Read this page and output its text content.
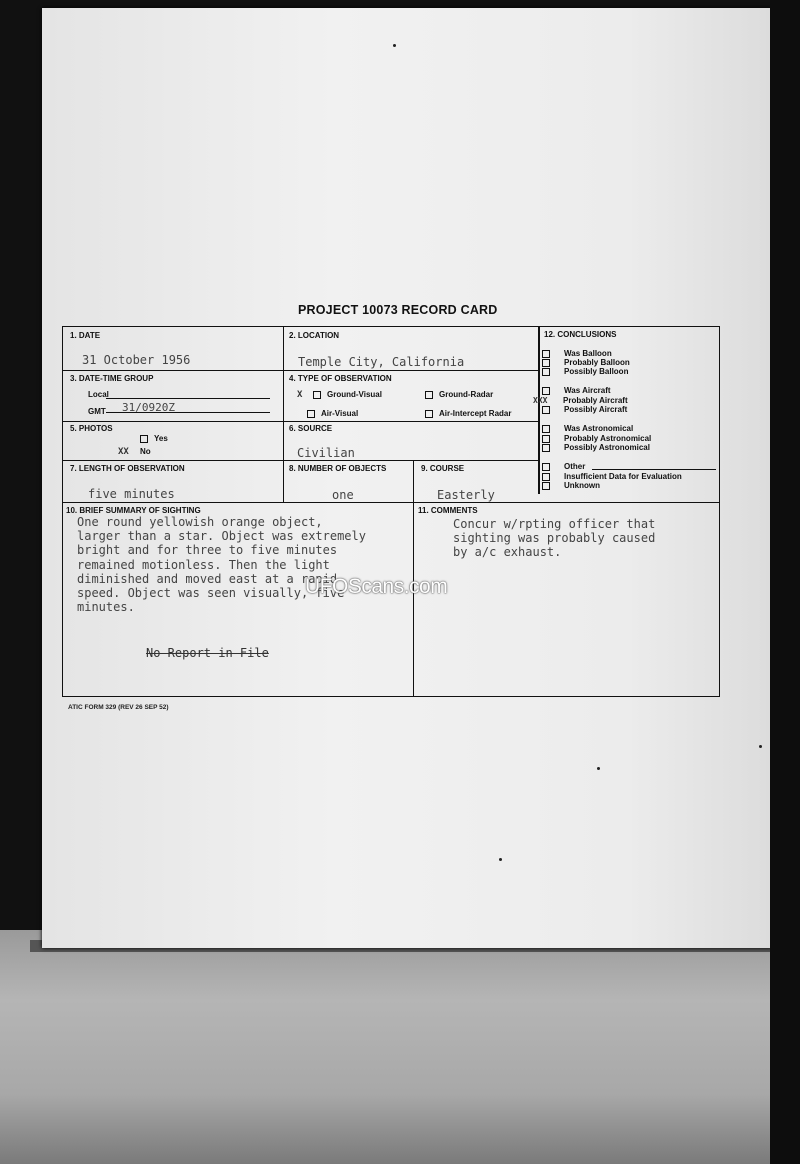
PROJECT 10073 RECORD CARD
1. DATE
31 October 1956
2. LOCATION
Temple City, California
3. DATE-TIME GROUP
Local
GMT 31/0920Z
4. TYPE OF OBSERVATION
X	Ground-Visual	Ground-Radar
Air-Visual	Air-Intercept Radar
5. PHOTOS
Yes
XX No
6. SOURCE
Civilian
7. LENGTH OF OBSERVATION
five minutes
8. NUMBER OF OBJECTS
one
9. COURSE
Easterly
12. CONCLUSIONS
Was Balloon
Probably Balloon
Possibly Balloon
Was Aircraft
XXX Probably Aircraft
Possibly Aircraft
Was Astronomical
Probably Astronomical
Possibly Astronomical
Other
Insufficient Data for Evaluation
Unknown
10. BRIEF SUMMARY OF SIGHTING
One round yellowish orange object,
larger than a star. Object was extremely
bright and for three to five minutes
remained motionless. Then the light
diminished and moved east at a rapid
speed. Object was seen visually, five
minutes.
No Report in File
11. COMMENTS
Concur w/rpting officer that
sighting was probably caused
by a/c exhaust.
ATIC FORM 329 (REV 26 SEP 52)
UFOScans.com
